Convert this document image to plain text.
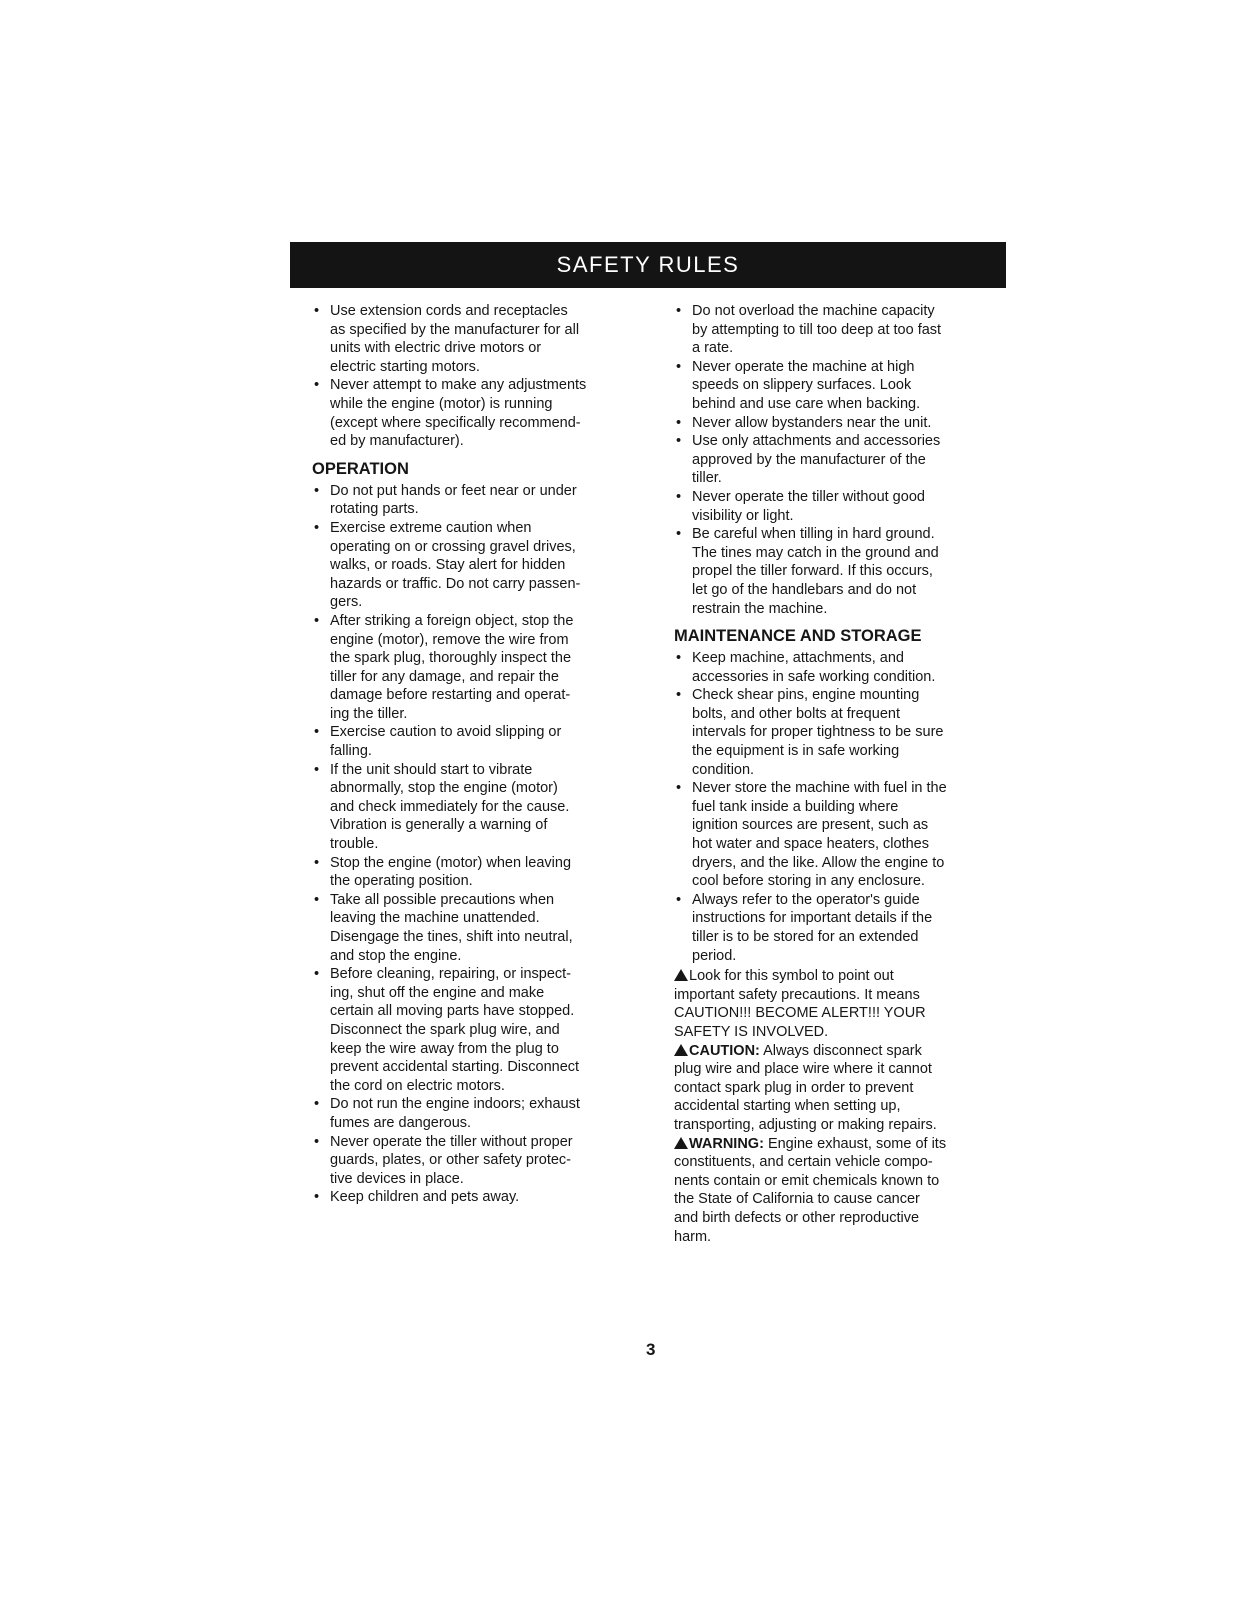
SAFETY RULES
• Use extension cords and receptacles
as specified by the manufacturer for all
units with electric drive motors or
electric starting motors.
• Never attempt to make any adjustments
while the engine (motor) is running
(except where specifically recommend-
ed by manufacturer).
OPERATION
• Do not put hands or feet near or under
rotating parts.
• Exercise extreme caution when
operating on or crossing gravel drives,
walks, or roads. Stay alert for hidden
hazards or traffic. Do not carry passen-
gers.
• After striking a foreign object, stop the
engine (motor), remove the wire from
the spark plug, thoroughly inspect the
tiller for any damage, and repair the
damage before restarting and operat-
ing the tiller.
• Exercise caution to avoid slipping or
falling.
• If the unit should start to vibrate
abnormally, stop the engine (motor)
and check immediately for the cause.
Vibration is generally a warning of
trouble.
• Stop the engine (motor) when leaving
the operating position.
• Take all possible precautions when
leaving the machine unattended.
Disengage the tines, shift into neutral,
and stop the engine.
• Before cleaning, repairing, or inspect-
ing, shut off the engine and make
certain all moving parts have stopped.
Disconnect the spark plug wire, and
keep the wire away from the plug to
prevent accidental starting. Disconnect
the cord on electric motors.
• Do not run the engine indoors; exhaust
fumes are dangerous.
• Never operate the tiller without proper
guards, plates, or other safety protec-
tive devices in place.
• Keep children and pets away.
• Do not overload the machine capacity
by attempting to till too deep at too fast
a rate.
• Never operate the machine at high
speeds on slippery surfaces. Look
behind and use care when backing.
• Never allow bystanders near the unit.
• Use only attachments and accessories
approved by the manufacturer of the
tiller.
• Never operate the tiller without good
visibility or light.
• Be careful when tilling in hard ground.
The tines may catch in the ground and
propel the tiller forward. If this occurs,
let go of the handlebars and do not
restrain the machine.
MAINTENANCE AND STORAGE
• Keep machine, attachments, and
accessories in safe working condition.
• Check shear pins, engine mounting
bolts, and other bolts at frequent
intervals for proper tightness to be sure
the equipment is in safe working
condition.
• Never store the machine with fuel in the
fuel tank inside a building where
ignition sources are present, such as
hot water and space heaters, clothes
dryers, and the like. Allow the engine to
cool before storing in any enclosure.
• Always refer to the operator's guide
instructions for important details if the
tiller is to be stored for an extended
period.
Look for this symbol to point out
important safety precautions. It means
CAUTION!!! BECOME ALERT!!! YOUR
SAFETY IS INVOLVED.
CAUTION: Always disconnect spark
plug wire and place wire where it cannot
contact spark plug in order to prevent
accidental starting when setting up,
transporting, adjusting or making repairs.
WARNING: Engine exhaust, some of its
constituents, and certain vehicle compo-
nents contain or emit chemicals known to
the State of California to cause cancer
and birth defects or other reproductive
harm.
3
